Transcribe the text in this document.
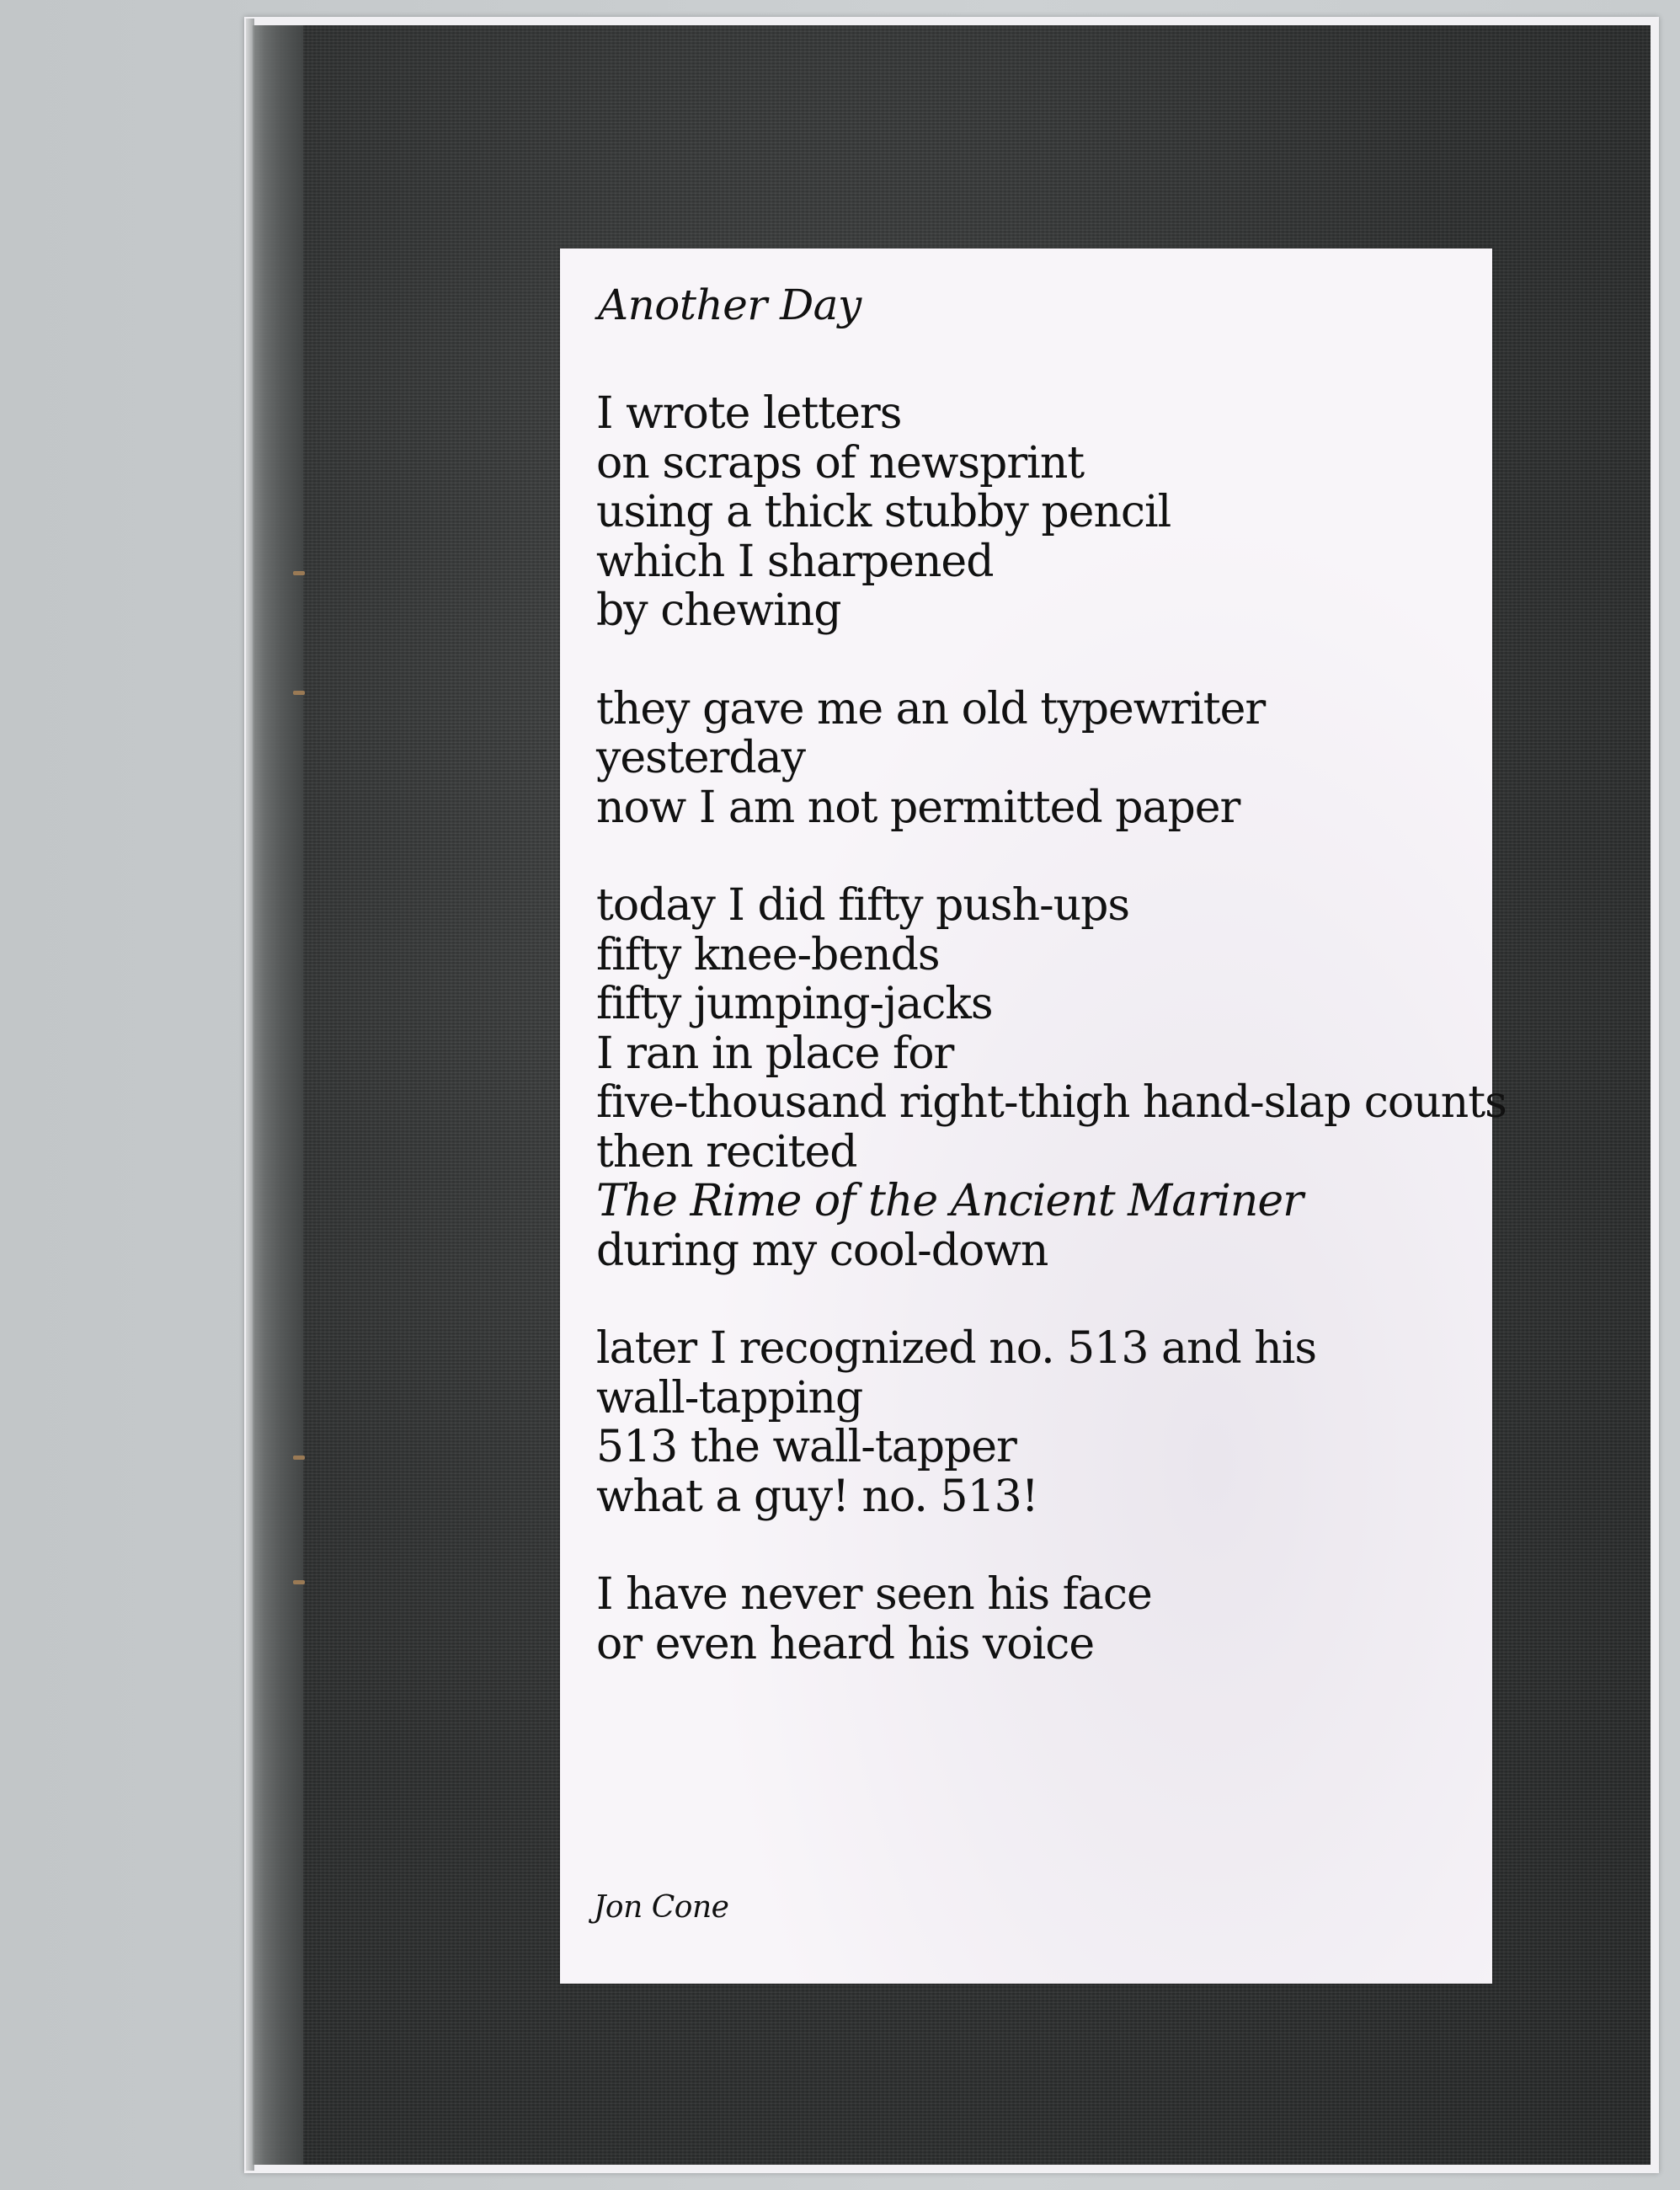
Another Day
I wrote letters
on scraps of newsprint
using a thick stubby pencil
which I sharpened
by chewing
they gave me an old typewriter
yesterday
now I am not permitted paper
today I did fifty push-ups
fifty knee-bends
fifty jumping-jacks
I ran in place for
five-thousand right-thigh hand-slap counts
then recited
The Rime of the Ancient Mariner
during my cool-down
later I recognized no. 513 and his
wall-tapping
513 the wall-tapper
what a guy! no. 513!
I have never seen his face
or even heard his voice

Jon Cone
